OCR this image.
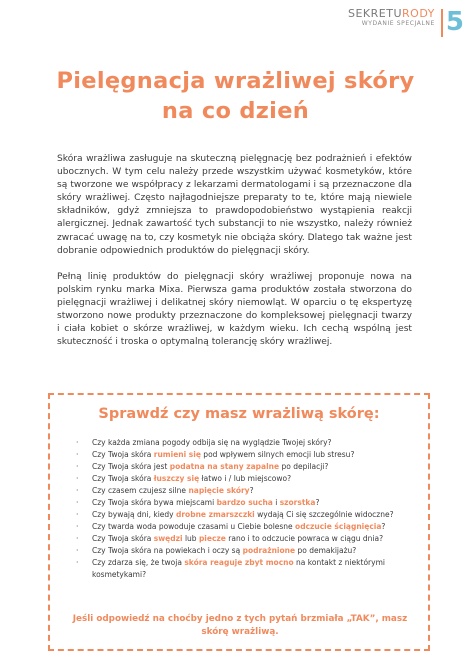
SEKRETURODY
WYDANIE SPECJALNE 5
Pielęgnacja wrażliwej skóry
na co dzień
Skóra wrażliwa zasługuje na skuteczną pielęgnację bez podrażnień i efektów ubocznych. W tym celu należy przede wszystkim używać kosmetyków, które są tworzone we współpracy z lekarzami dermatologami i są przeznaczone dla skóry wrażliwej. Często najłagodniejsze preparaty to te, które mają niewiele składników, gdyż zmniejsza to prawdopodobieństwo wystąpienia reakcji alergicznej. Jednak zawartość tych substancji to nie wszystko, należy również zwracać uwagę na to, czy kosmetyk nie obciąża skóry. Dlatego tak ważne jest dobranie odpowiednich produktów do pielęgnacji skóry.
Pełną linię produktów do pielęgnacji skóry wrażliwej proponuje nowa na polskim rynku marka Mixa. Pierwsza gama produktów została stworzona do pielęgnacji wrażliwej i delikatnej skóry niemowląt. W oparciu o tę ekspertyzę stworzono nowe produkty przeznaczone do kompleksowej pielęgnacji twarzy i ciała kobiet o skórze wrażliwej, w każdym wieku. Ich cechą wspólną jest skuteczność i troska o optymalną tolerancję skóry wrażliwej.
Sprawdź czy masz wrażliwą skórę:
· Czy każda zmiana pogody odbija się na wyglądzie Twojej skóry?
· Czy Twoja skóra rumieni się pod wpływem silnych emocji lub stresu?
· Czy Twoja skóra jest podatna na stany zapalne po depilacji?
· Czy Twoja skóra łuszczy się łatwo i / lub miejscowo?
· Czy czasem czujesz silne napięcie skóry?
· Czy Twoja skóra bywa miejscami bardzo sucha i szorstka?
· Czy bywają dni, kiedy drobne zmarszczki wydają Ci się szczególnie widoczne?
· Czy twarda woda powoduje czasami u Ciebie bolesne odczucie ściągnięcia?
· Czy Twoja skóra swędzi lub piecze rano i to odczucie powraca w ciągu dnia?
· Czy Twoja skóra na powiekach i oczy są podrażnione po demakijażu?
· Czy zdarza się, że twoja skóra reaguje zbyt mocno na kontakt z niektórymi kosmetykami?
Jeśli odpowiedź na choćby jedno z tych pytań brzmiała „TAK”, masz
skórę wrażliwą.
